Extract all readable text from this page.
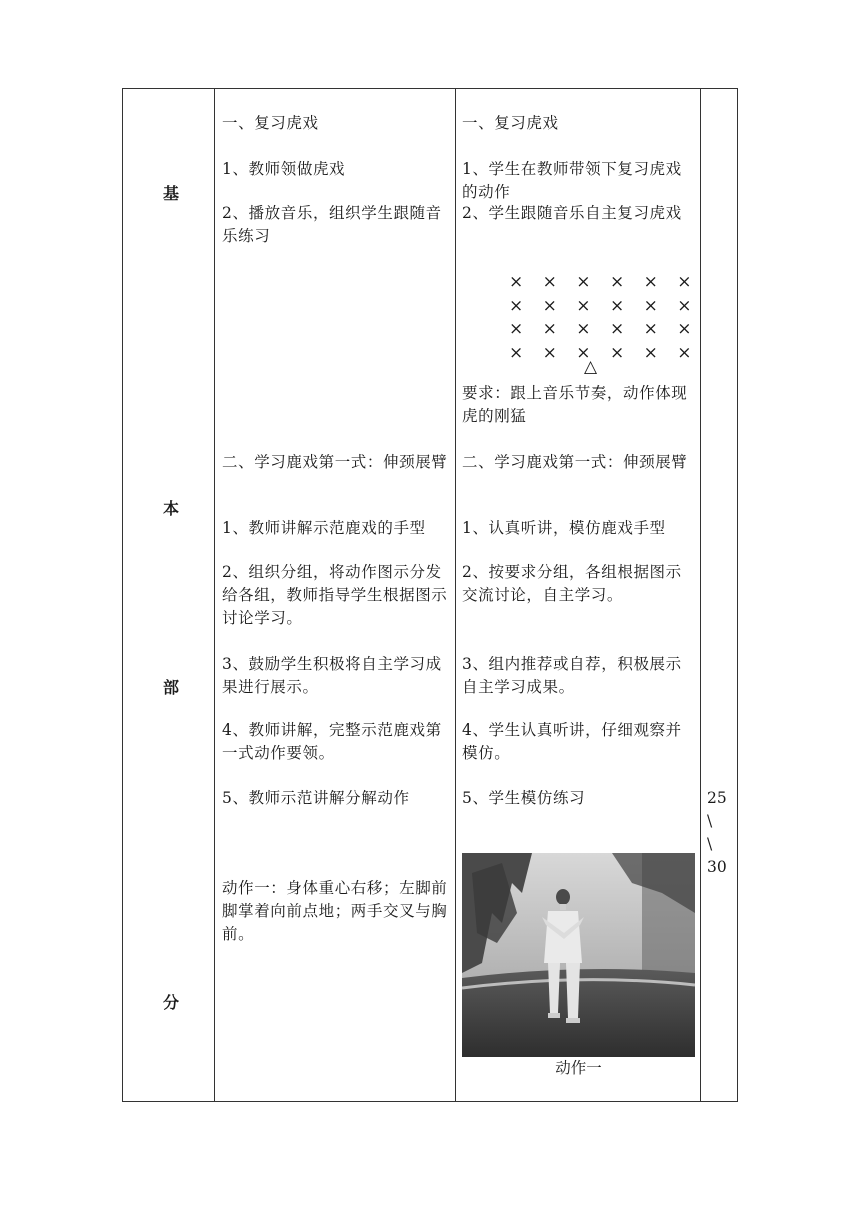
基
本
部
分
一、复习虎戏
1、教师领做虎戏
2、播放音乐，组织学生跟随音乐练习
二、学习鹿戏第一式：伸颈展臂
1、教师讲解示范鹿戏的手型
2、组织分组，将动作图示分发给各组，教师指导学生根据图示讨论学习。
3、鼓励学生积极将自主学习成果进行展示。
4、教师讲解，完整示范鹿戏第一式动作要领。
5、教师示范讲解分解动作
动作一：身体重心右移；左脚前脚掌着向前点地；两手交叉与胸前。
一、复习虎戏
1、学生在教师带领下复习虎戏的动作
2、学生跟随音乐自主复习虎戏
× × × × × ×
× × × × × ×
× × × × × ×
× × × × × ×
△
要求：跟上音乐节奏，动作体现虎的刚猛
二、学习鹿戏第一式：伸颈展臂
1、认真听讲，模仿鹿戏手型
2、按要求分组，各组根据图示交流讨论，自主学习。
3、组内推荐或自荐，积极展示自主学习成果。
4、学生认真听讲，仔细观察并模仿。
5、学生模仿练习
动作一
25
\
\
30
